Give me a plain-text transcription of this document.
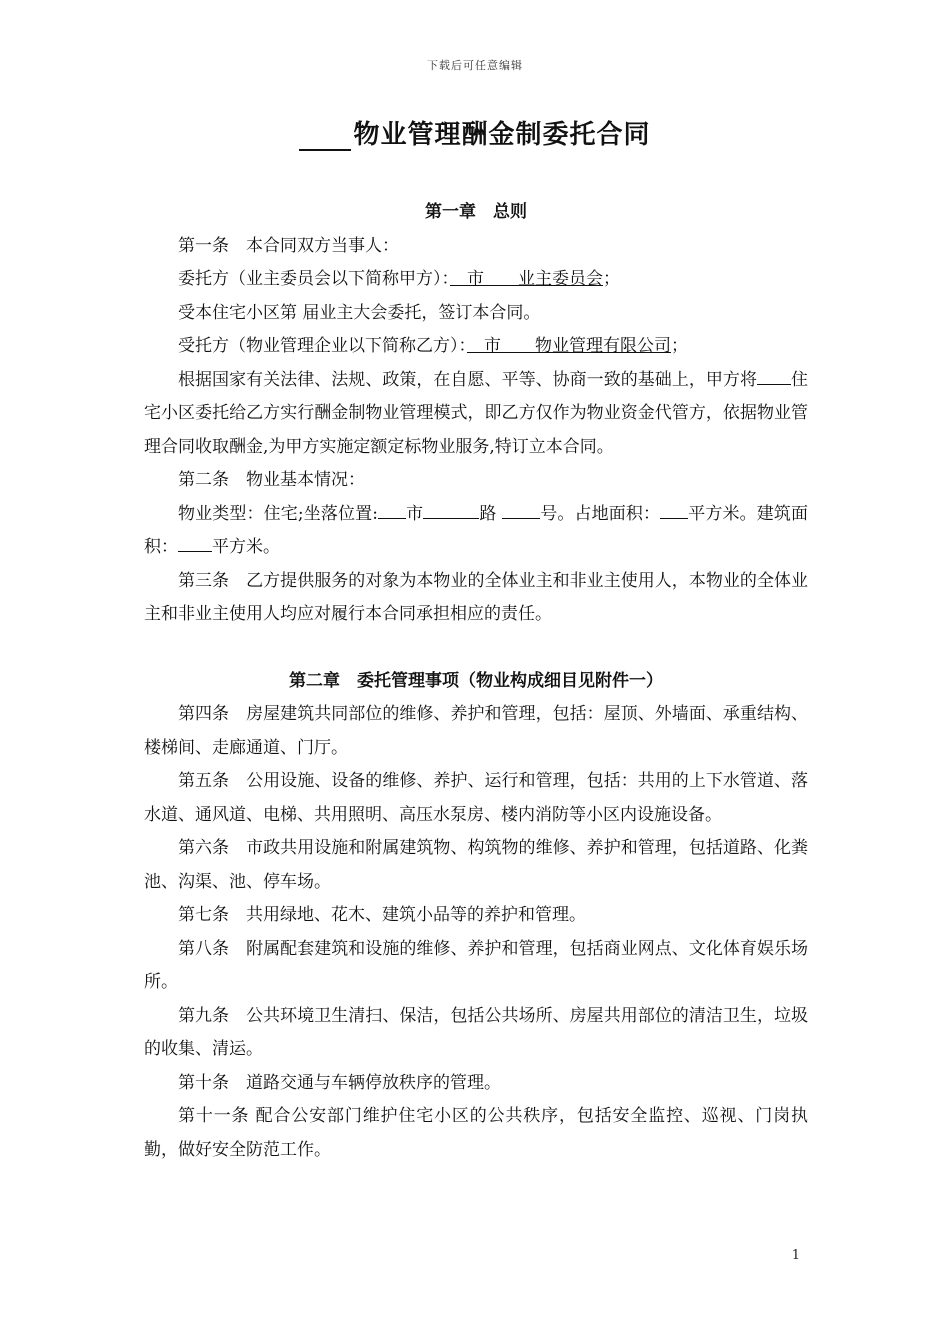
下载后可任意编辑
物业管理酬金制委托合同
第一章　总则

第一条　本合同双方当事人：

委托方（业主委员会以下简称甲方）：　市　　业主委员会；

受本住宅小区第 届业主大会委托，签订本合同。

受托方（物业管理企业以下简称乙方）：　市　　物业管理有限公司；

根据国家有关法律、法规、政策，在自愿、平等、协商一致的基础上，甲方将 住宅小区委托给乙方实行酬金制物业管理模式，即乙方仅作为物业资金代管方，依据物业管理合同收取酬金,为甲方实施定额定标物业服务,特订立本合同。

第二条　物业基本情况：

物业类型：住宅;坐落位置: 市	路 号。占地面积： 平方米。建筑面积： 平方米。

第三条　乙方提供服务的对象为本物业的全体业主和非业主使用人，本物业的全体业主和非业主使用人均应对履行本合同承担相应的责任。

第二章　委托管理事项（物业构成细目见附件一）

第四条　房屋建筑共同部位的维修、养护和管理，包括：屋顶、外墙面、承重结构、楼梯间、走廊通道、门厅。

第五条　公用设施、设备的维修、养护、运行和管理，包括：共用的上下水管道、落水道、通风道、电梯、共用照明、高压水泵房、楼内消防等小区内设施设备。

第六条　市政共用设施和附属建筑物、构筑物的维修、养护和管理，包括道路、化粪池、沟渠、池、停车场。

第七条　共用绿地、花木、建筑小品等的养护和管理。

第八条　附属配套建筑和设施的维修、养护和管理，包括商业网点、文化体育娱乐场所。

第九条　公共环境卫生清扫、保洁，包括公共场所、房屋共用部位的清洁卫生，垃圾的收集、清运。

第十条　道路交通与车辆停放秩序的管理。

第十一条 配合公安部门维护住宅小区的公共秩序，包括安全监控、巡视、门岗执勤，做好安全防范工作。

1
